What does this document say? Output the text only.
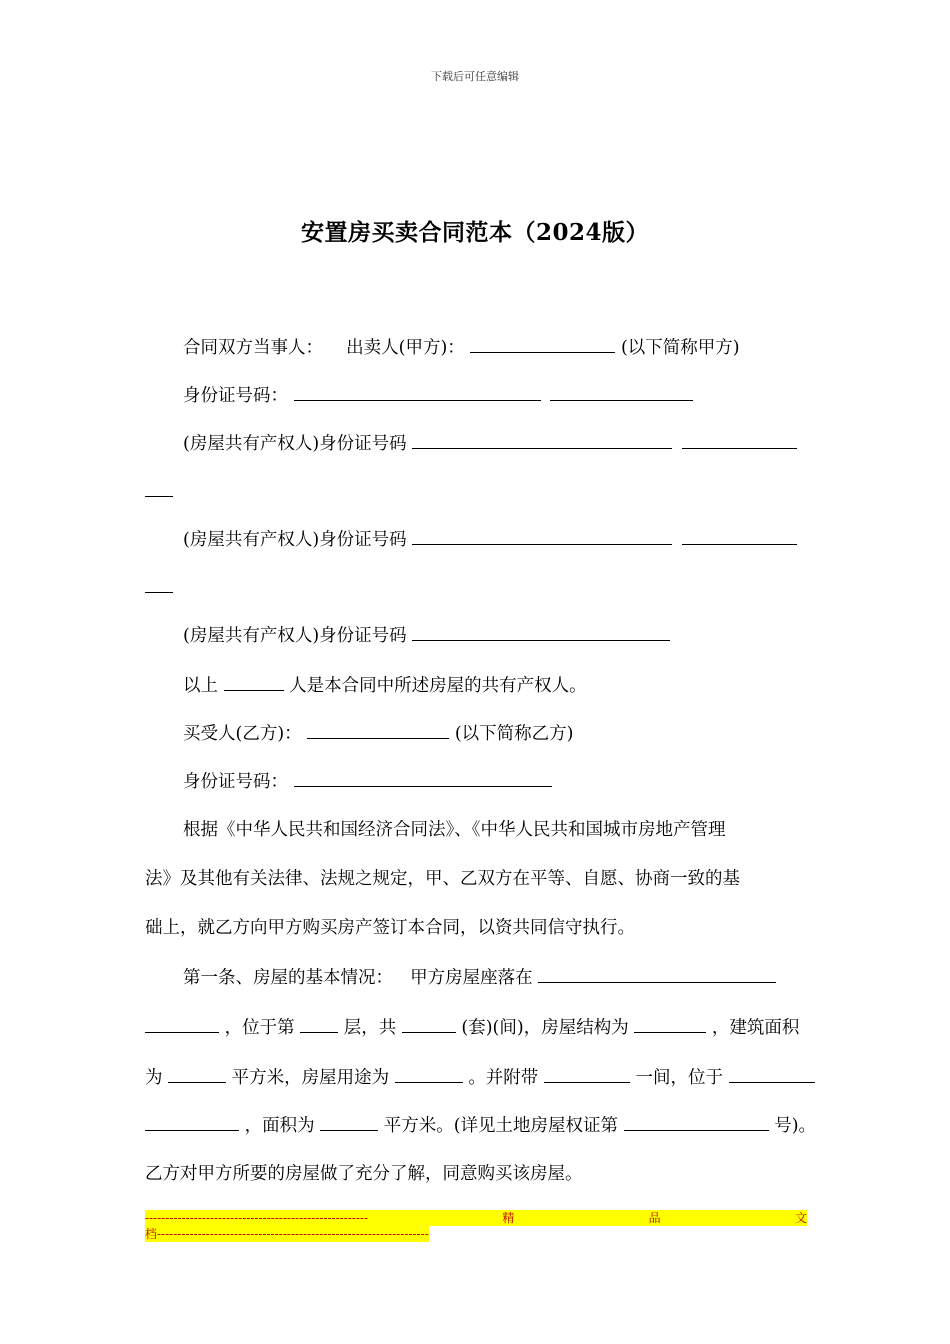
下载后可任意编辑
安置房买卖合同范本（2024版）
合同双方当事人： 出卖人(甲方)：	(以下简称甲方)
身份证号码：
(房屋共有产权人)身份证号码
(房屋共有产权人)身份证号码
(房屋共有产权人)身份证号码
以上	人是本合同中所述房屋的共有产权人。
买受人(乙方)：	(以下简称乙方)
身份证号码：
根据《中华人民共和国经济合同法》、《中华人民共和国城市房地产管理
法》及其他有关法律、法规之规定，甲、乙双方在平等、自愿、协商一致的基
础上，就乙方向甲方购买房产签订本合同，以资共同信守执行。
第一条、房屋的基本情况： 甲方房屋座落在
，位于第	层，共	(套)(间)，房屋结构为	，建筑面积
为	平方米，房屋用途为	。并附带	一间，位于
，面积为	平方米。(详见土地房屋权证第	号)。
乙方对甲方所要的房屋做了充分了解，同意购买该房屋。
-------------------------------------------------------	精	品	文
档-------------------------------------------------------------------
